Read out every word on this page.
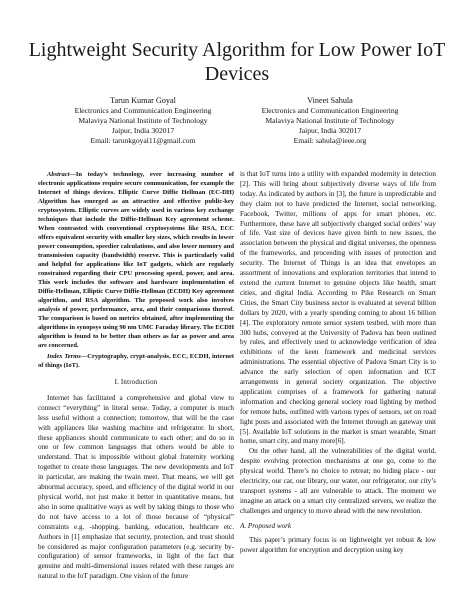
Lightweight Security Algorithm for Low Power IoT Devices
Tarun Kumar Goyal
Electronics and Communication Engineering
Malaviya National Institute of Technology
Jaipur, India 302017
Email: tarunkgoyal11@gmail.com
Vineet Sahula
Electronics and Communication Engineering
Malaviya National Institute of Technology
Jaipur, India 302017
Email: sahula@ieee.org

Abstract—In today’s technology, ever increasing number of electronic applications require secure communication, for example the Internet of things devices. Elliptic Curve Diffie Hellman (EC-DH) Algorithm has emerged as an attractive and effective public-key cryptosystem. Elliptic curves are widely used in various key exchange techniques that include the Diffie-Hellman Key agreement scheme. When contrasted with conventional cryptosystems like RSA, ECC offers equivalent security with smaller key sizes, which results in lower power consumption, speedier calculations, and also lower memory and transmission capacity (bandwidth) reserve. This is particularly valid and helpful for applications like IoT gadgets, which are regularly constrained regarding their CPU processing speed, power, and area. This work includes the software and hardware implementation of Diffie-Hellman, Elliptic Curve Diffie-Hellman (ECDH) Key agreement algorithm, and RSA algorithm. The proposed work also involves analysis of power, performance, area, and their comparisons thereof. The comparison is based on metrics obtained, after implementing the algorithms in synopsys using 90 nm UMC Faraday library. The ECDH algorithm is found to be better than others as far as power and area are concerned.

Index Terms—Cryptography, crypt-analysis, ECC, ECDH, internet of things (IoT).

I. Introduction

Internet has facilitated a comprehensive and global view to connect “everything” in literal sense. Today, a computer is much less useful without a connection; tomorrow, that will be the case with appliances like washing machine and refrigerator. In short, these appliances should communicate to each other; and do so in one or few common languages that others would be able to understand. That is impossible without global fraternity working together to create those languages. The new developments and IoT in particular, are making the twain meet. That means, we will get abnormal accuracy, speed, and efficiency of the digital world in our physical world, not just make it better in quantitative means, but also in some qualitative ways as well by taking things to those who do not have access to a lot of those because of “physical” constraints e.g. -shopping, banking, education, healthcare etc. Authors in [1] emphasize that security, protection, and trust should be considered as major configuration parameters (e.g. security by-configuration) of sensor frameworks, in light of the fact that genuine and multi-dimensional issues related with these ranges are natural to the IoT paradigm. One vision of the future

is that IoT turns into a utility with expanded modernity in detection [2]. This will bring about subjectively diverse ways of life from today. As indicated by authors in [3], the future is unpredictable and they claim not to have predicted the Internet, social networking, Facebook, Twitter, millions of apps for smart phones, etc. Furthermore, these have all subjectively changed social orders’ way of life. Vast size of devices have given birth to new issues, the association between the physical and digital universes, the openness of the frameworks, and proceeding with issues of protection and security. The Internet of Things is an idea that envelopes an assortment of innovations and exploration territories that intend to extend the current Internet to genuine objects like health, smart cities, and digital India. According to Pike Research on Smart Cities, the Smart City business sector is evaluated at several billion dollars by 2020, with a yearly spending coming to about 16 billion [4]. The exploratory remote sensor system testbed, with more than 300 hubs, conveyed at the University of Padova has been outlined by rules, and effectively used to acknowledge verification of idea exhibitions of the keen framework and medicinal services administrations. The essential objective of Padova Smart City is to advance the early selection of open information and ICT arrangements in general society organization. The objective application comprises of a framework for gathering natural information and checking general society road lighting by method for remote hubs, outfitted with various types of sensors, set on road light posts and associated with the Internet through an gateway unit [5]. Available IoT solutions in the market is smart wearable, Smart home, smart city, and many more[6].

On the other hand, all the vulnerabilities of the digital world, despite evolving protection mechanisms at one go, come to the physical world. There’s no choice to retreat; no hiding place - our electricity, our car, our library, our water, our refrigerator, our city’s transport systems - all are vulnerable to attack. The moment we imagine an attack on a smart city centralized servers, we realize the challenges and urgency to move ahead with the new revolution.

A. Proposed work

This paper’s primary focus is on lightweight yet robust & low power algorithm for encryption and decryption using key
